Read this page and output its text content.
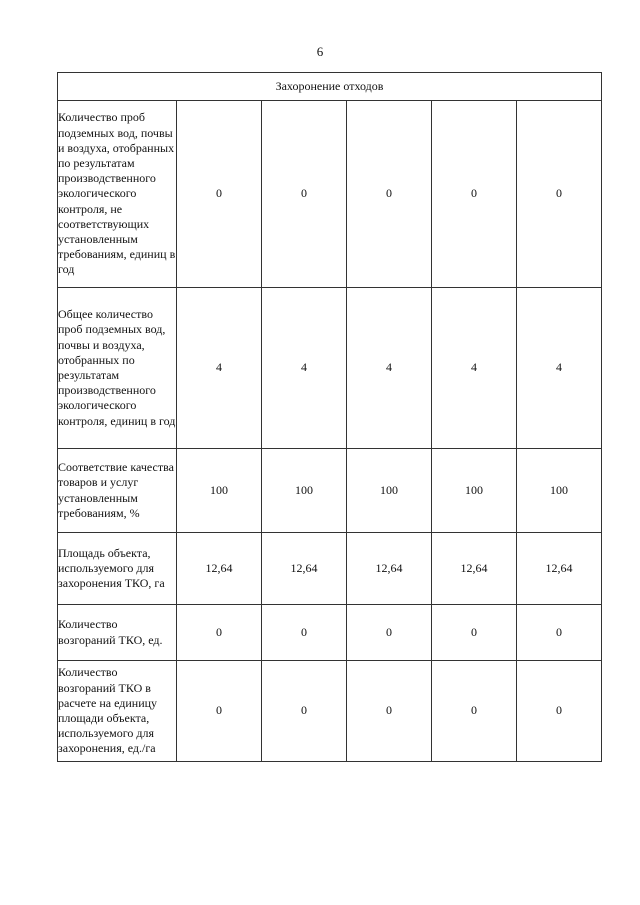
6
Захоронение отходов					
Количество проб подземных вод, почвы и воздуха, отобранных по результатам производственного экологического контроля, не соответствующих установленным требованиям, единиц в год	0	0	0	0	0
Общее количество проб подземных вод, почвы и воздуха, отобранных по результатам производственного экологического контроля, единиц в год	4	4	4	4	4
Соответствие качества товаров и услуг установленным требованиям, %	100	100	100	100	100
Площадь объекта, используемого для захоронения ТКО, га	12,64	12,64	12,64	12,64	12,64
Количество возгораний ТКО, ед.	0	0	0	0	0
Количество возгораний ТКО в расчете на единицу площади объекта, используемого для захоронения, ед./га	0	0	0	0	0
